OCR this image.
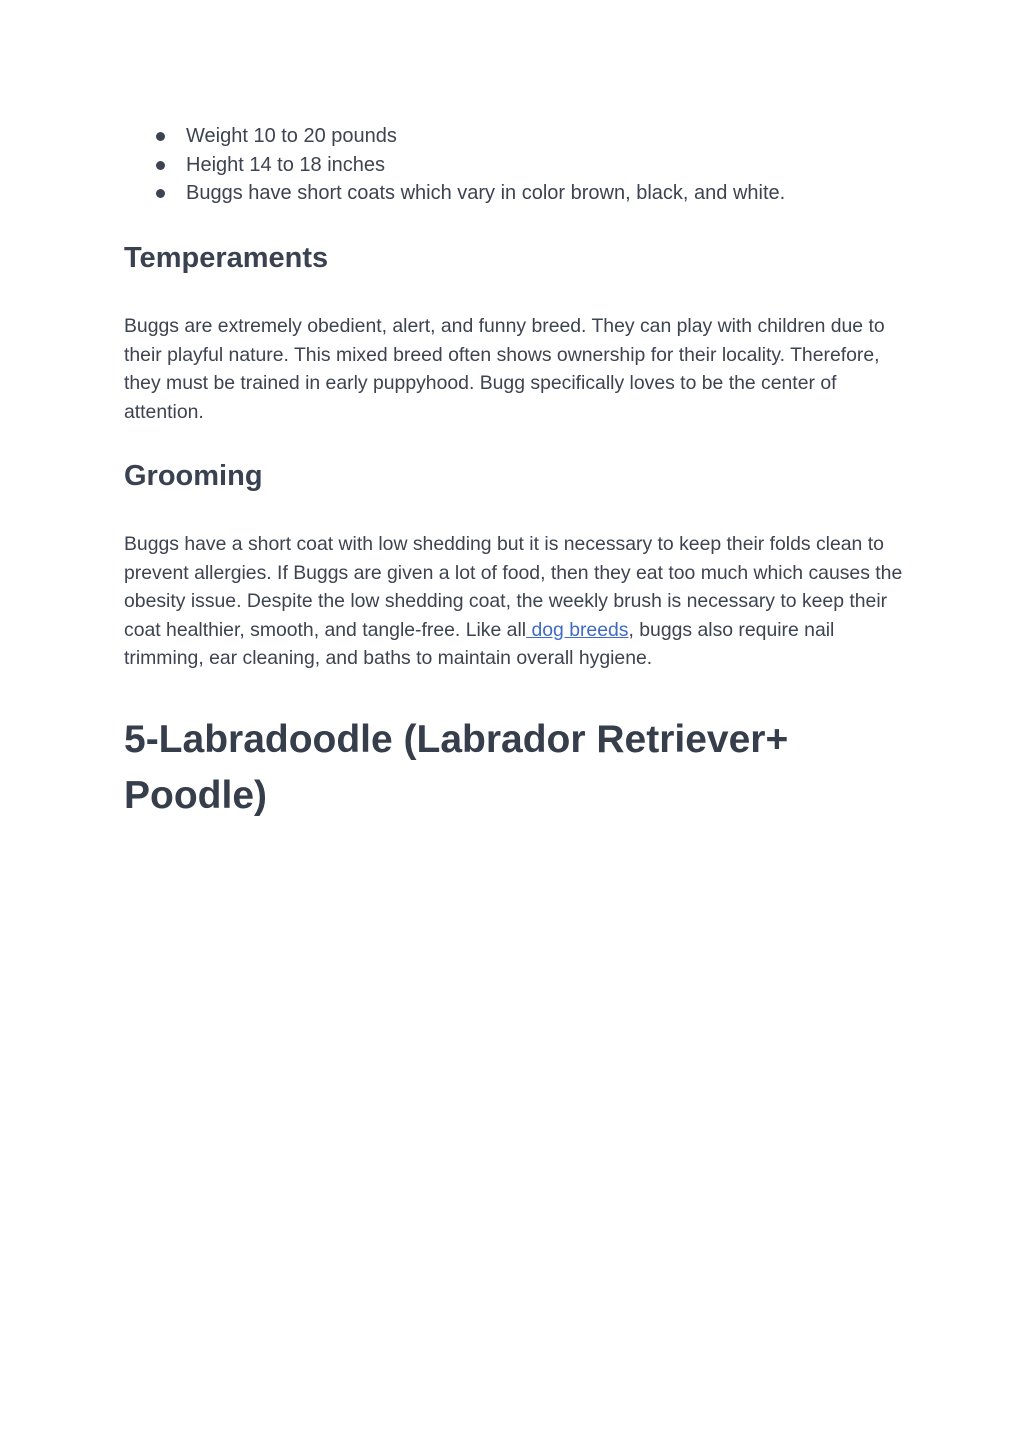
Weight 10 to 20 pounds
Height 14 to 18 inches
Buggs have short coats which vary in color brown, black, and white.
Temperaments

Buggs are extremely obedient, alert, and funny breed. They can play with children due to their playful nature. This mixed breed often shows ownership for their locality. Therefore, they must be trained in early puppyhood. Bugg specifically loves to be the center of attention.

Grooming

Buggs have a short coat with low shedding but it is necessary to keep their folds clean to prevent allergies. If Buggs are given a lot of food, then they eat too much which causes the obesity issue. Despite the low shedding coat, the weekly brush is necessary to keep their coat healthier, smooth, and tangle-free. Like all dog breeds, buggs also require nail trimming, ear cleaning, and baths to maintain overall hygiene.

5-Labradoodle (Labrador Retriever+ Poodle)
